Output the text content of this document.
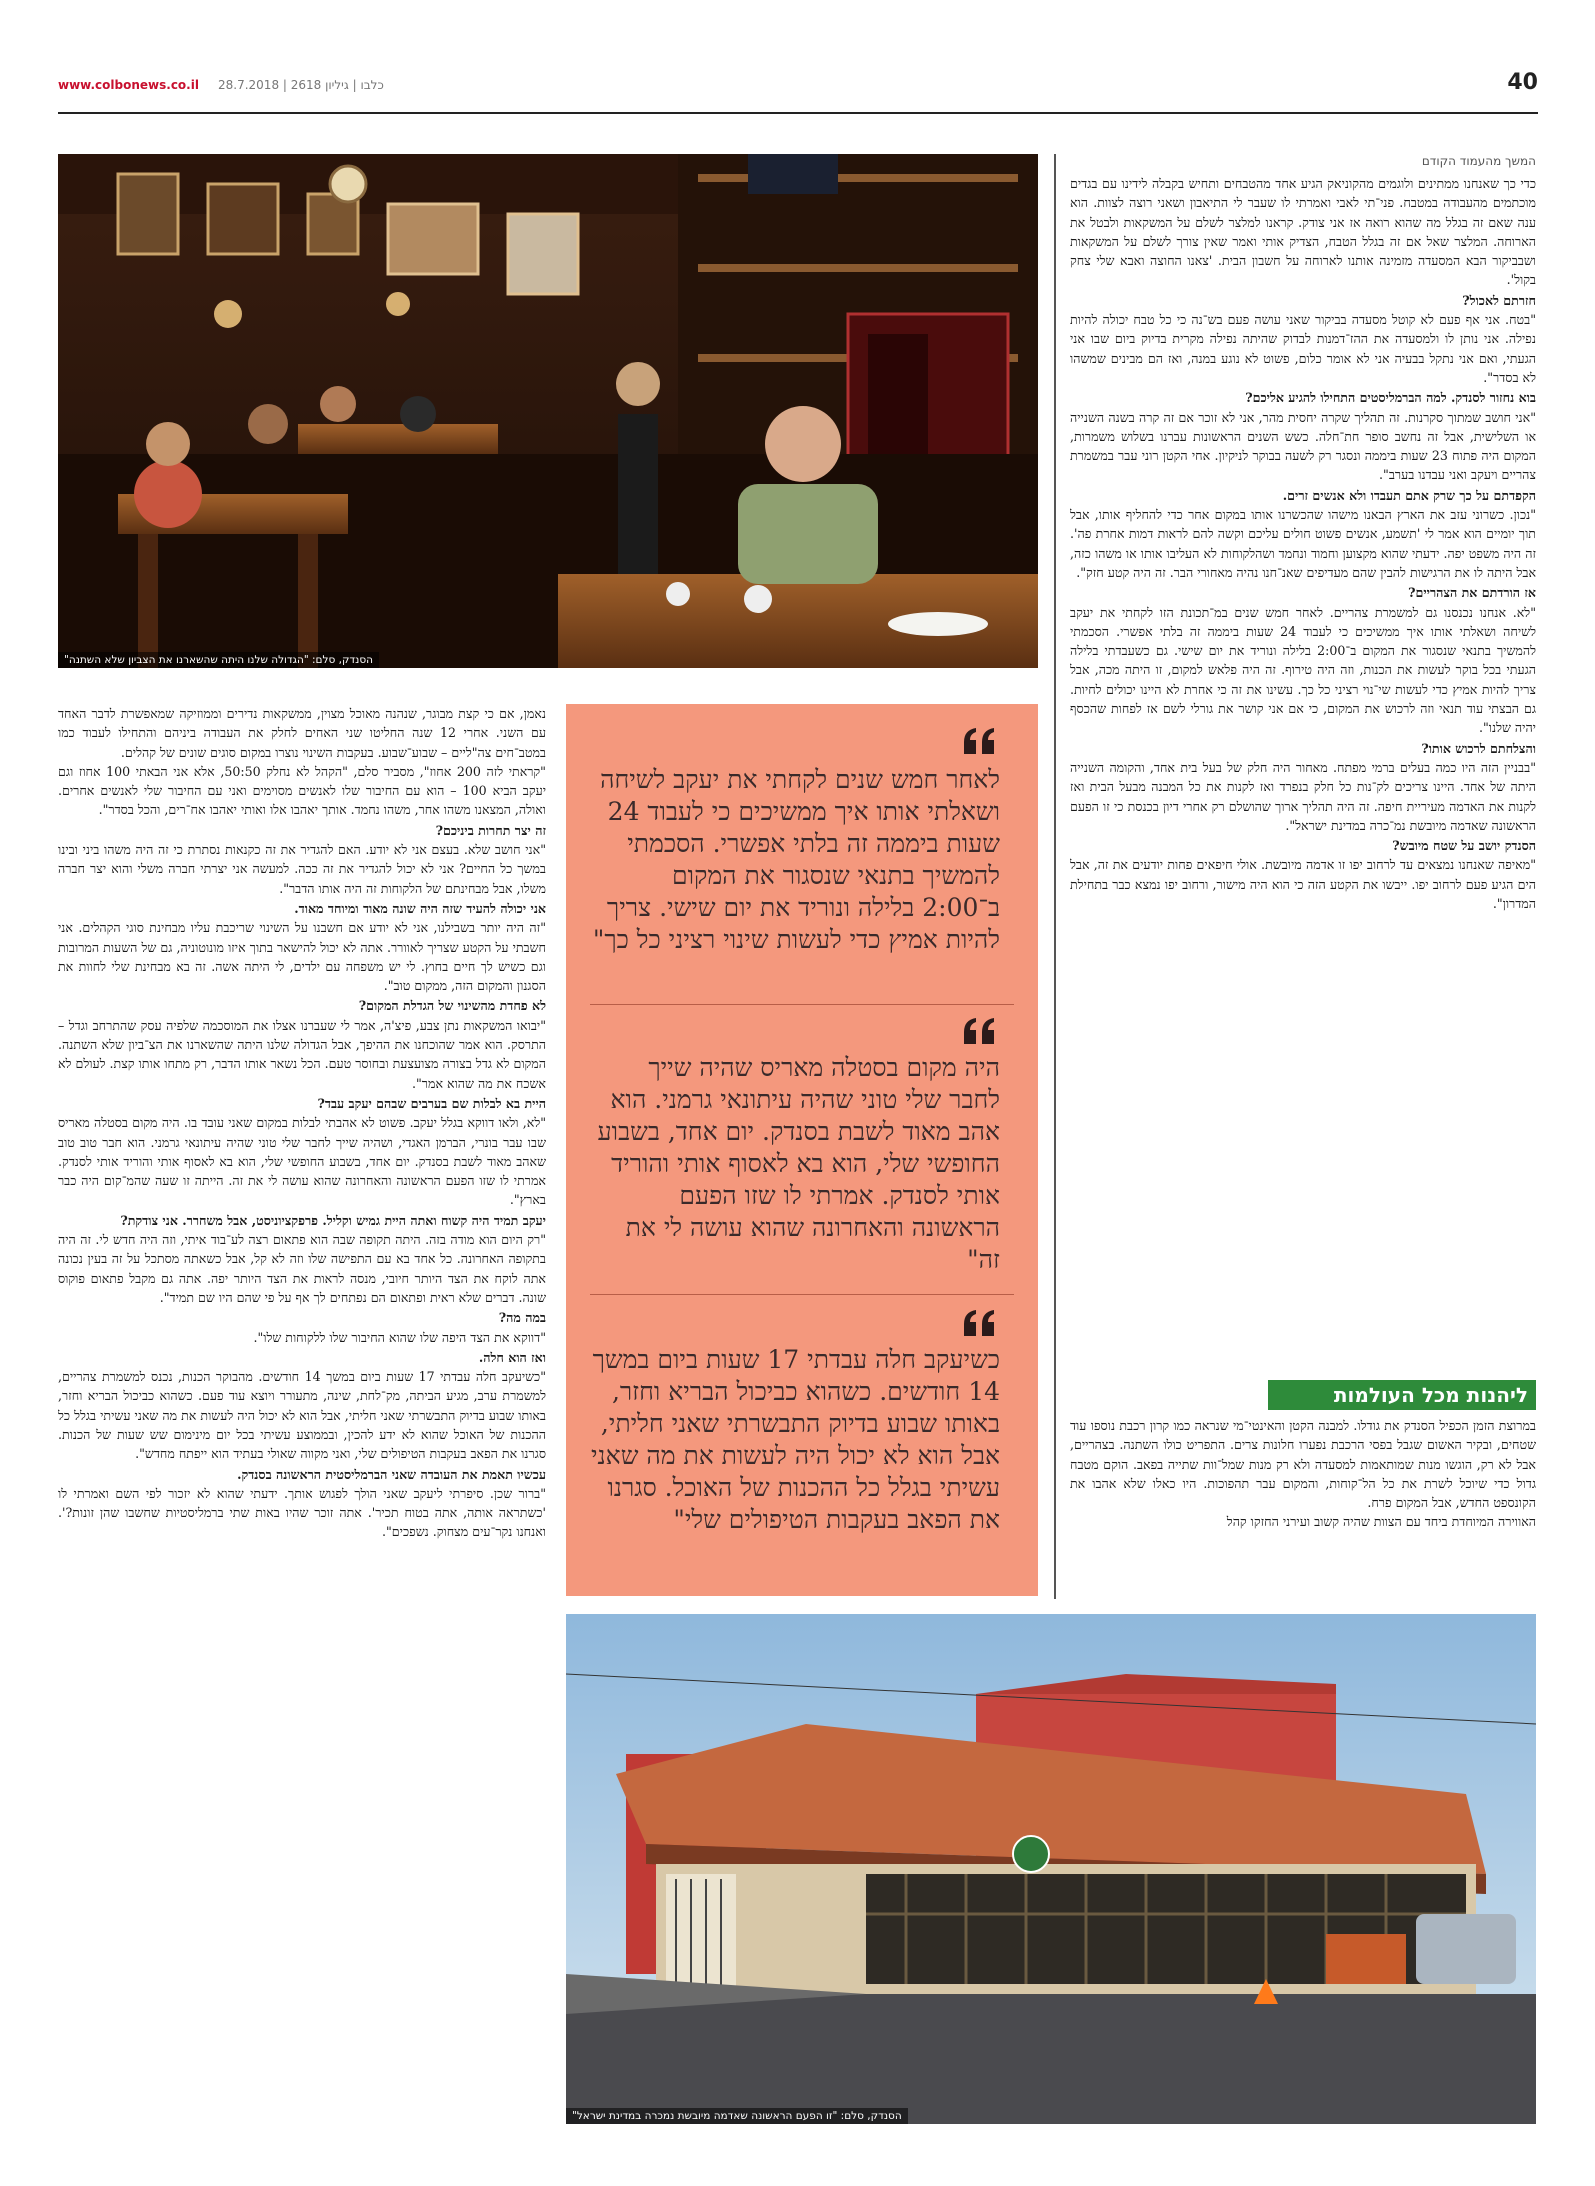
www.colbonews.co.il כלבו | גיליון 2618 | 28.7.2018	40
המשך מהעמוד הקודם
הסנדק, סלם: "הגדולה שלנו היתה שהשארנו את הצביון שלא השתנה"

כדי כך שאנחנו ממתינים ולוגמים מהקוניאק הגיע אחד מהטבחים ותחיש בקבלה לידינו עם בגדים מוכתמים מהעבודה במטבח. פני־תי לאבי ואמרתי לו שעבר לי התיאבון ושאני רוצה לצוות. הוא ענה שאם זה בגלל מה שהוא רואה אז אני צודק. קראנו למלצר לשלם על המשקאות ולבטל את הארוחה. המלצר שאל אם זה בגלל הטבח, הצדיק אותי ואמר שאין צורך לשלם על המשקאות ושבביקור הבא המסעדה מזמינה אותנו לארוחה על חשבון הבית. 'צאנו החוצה ואבא שלי צחק בקול'.

חזרתם לאכול?

"בטח. אני אף פעם לא קוטל מסעדה בביקור שאני עושה פעם בש־נה כי כל טבח יכולה להיות נפילה. אני נותן לו ולמסעדה את ההז־דמנות לבדוק שהיתה נפילה מקרית בדיוק ביום שבו אני הגעתי, ואם אני נתקל בבעיה אני לא אומר כלום, פשוט לא נוגע במנה, ואז הם מבינים שמשהו לא בסדר".

בוא נחזור לסנדק. למה הברמליסטים התחילו להגיע אליכם?

"אני חושב שמתוך סקרנות. זה תהליך שקרה יחסית מהר, אני לא זוכר אם זה קרה בשנה השנייה או השלישית, אבל זה נחשב סופר חת־חלה. כשש השנים הראשונות עברנו בשלוש משמרות, המקום היה פתוח 23 שעות ביממה ונסגר רק לשעה בבוקר לניקיון. אחי הקטן רוני עבר במשמרת צהריים ויעקב ואני עבדנו בערב".

הקפדתם על כך שרק אתם תעבדו ולא אנשים זרים.

"נכון. כשרוני עזב את הארץ הבאנו מישהו שהכשרנו אותו במקום אחר כדי להחליף אותו, אבל תוך יומיים הוא אמר לי 'תשמע, אנשים פשוט חולים עליכם וקשה להם לראות דמות אחרת פה'. זה היה משפט יפה. ידעתי שהוא מקצוען וחמוד ונחמד ושהלקוחות לא העליבו אותו או משהו כזה, אבל היתה לו את הרגישות להבין שהם מעדיפים שאנ־חנו נהיה מאחורי הבר. זה היה קטע חזק".

אז הורדתם את הצהריים?

"לא. אנחנו נכנסנו גם למשמרת צהריים. לאחר חמש שנים במ־תכונת הזו לקחתי את יעקב לשיחה ושאלתי אותו איך ממשיכים כי לעבוד 24 שעות ביממה זה בלתי אפשרי. הסכמתי להמשיך בתנאי שנסגור את המקום ב־2:00 בלילה ונוריד את יום שישי. גם כשעבדתי בלילה הגעתי בכל בוקר לעשות את הכנות, וזה היה טירוף. זה היה פלאש למקום, זו היתה מכה, אבל צריך להיות אמיץ כדי לעשות שי־נוי רציני כל כך. עשינו את זה כי אחרת לא היינו יכולים לחיות. גם הבצתי עוד תנאי וזה לרכוש את המקום, כי אם אני קושר את גורלי לשם אז לפחות שהכסף יהיה שלנו".

והצלחתם לרכוש אותו?

"בבניין הזה היו כמה בעלים ברמי מפתח. מאחור היה חלק של בעל בית אחד, והקומה השנייה היתה של אחד. היינו צריכים לק־נות כל חלק בנפרד ואז לקנות את כל המבנה מבעל הבית ואז לקנות את האדמה מעיריית חיפה. זה היה תהליך ארוך שהושלם רק אחרי דיון בכנסת כי זו הפעם הראשונה שאדמה מיובשת נמ־כרה במדינת ישראל".

הסנדק יושב על שטח מיובש?

"מאיפה שאנחנו נמצאים עד לרחוב יפו זו אדמה מיובשת. אולי חיפאים פחות יודעים את זה, אבל הים הגיע פעם לרחוב יפו. ייבשו את הקטע הזה כי הוא היה מישור, ורחוב יפו נמצא כבר בתחילת המדרון".

ליהנות מכל העולמות

במרוצת הזמן הכפיל הסנדק את גודלו. למבנה הקטן והאינטי־מי שנראה כמו קרון רכבת נוספו עוד שטחים, ובקיר האשום שגבל בפסי הרכבת נפערו חלונות צרים. התפריט כולו השתנה. בצהריים, אבל לא רק, הוגשו מנות שמותאמות למסעדה ולא רק מנות שמל־וות שתייה בפאב. הוקם מטבח גדול כדי שיוכל לשרת את כל הל־קוחות, והמקום עבר תהפוכות. היו כאלו שלא אהבו את הקונספט החדש, אבל המקום פרח.

האווירה המיוחדת ביחד עם הצוות שהיה קשוב ועירני החזקו קהל

נאמן, אם כי קצת מבוגר, שנהנה מאוכל מצוין, ממשקאות נדירים וממוזיקה שמאפשרת לדבר האחד עם השני. אחרי 12 שנה החליטו שני האחים לחלק את העבודה ביניהם והתחילו לעבוד כמו במטב־חים צה"ליים – שבוע־שבוע. בעקבות השינוי נוצרו במקום סוגים שונים של קהלים.

"קראתי לזה 200 אחוז", מסביר סלם, "הקהל לא נחלק 50:50, אלא אני הבאתי 100 אחוז וגם יעקב הביא 100 – הוא עם החיבור שלו לאנשים מסוימים ואני עם החיבור שלי לאנשים אחרים. ואולה, המצאנו משהו אחר, משהו נחמד. אותך יאהבו אלו ואותי יאהבו אח־רים, והכל בסדר".

זה יצר תחרות ביניכם?

"אני חושב שלא. בעצם אני לא יודע. האם להגדיר את זה כקנאות נסתרת כי זה היה משהו ביני ובינו במשך כל החיים? אני לא יכול להגדיר את זה ככה. למעשה אני יצרתי חברה משלי והוא יצר חברה משלו, אבל מבחינתם של הלקוחות זה היה אותו הדבר".

אני יכולה להעיד שזה היה שונה מאוד ומיוחד מאוד.

"זה היה יותר בשבילנו, אני לא יודע אם חשבנו על השינוי שריכבת עליו מבחינת סוגי הקהלים. אני חשבתי על הקטע שצריך לאוורר. אתה לא יכול להישאר בתוך איזו מונוטוניה, גם של השעות המרובות וגם כשיש לך חיים בחוץ. לי יש משפחה עם ילדים, לי היתה אשה. זה בא מבחינת שלי לחוות את הסגנון והמקום הזה, ממקום טוב".

לא פחדת מהשינוי של הגדלת המקום?

"יבואו המשקאות נתן צבע, פיצ'ה, אמר לי שעברנו אצלו את המוסכמה שלפיה עסק שהתרחב וגדל – התרסק. הוא אמר שהוכחנו את ההיפך, אבל הגדולה שלנו היתה שהשארנו את הצ־ביון שלא השתנה. המקום לא גדל בצורה מצועצעת ובחוסר טעם. הכל נשאר אותו הדבר, רק מתחו אותו קצת. לעולם לא אשכח את מה שהוא אמר".

היית בא לבלות שם בערבים שבהם יעקב עבד?

"לא, ולאו דווקא בגלל יעקב. פשוט לא אהבתי לבלות במקום שאני עובד בו. היה מקום בסטלה מאריס שבו עבר בונרי, הברמן האגדי, ושהיה שייך לחבר שלי טוני שהיה עיתונאי גרמני. הוא חבר טוב טוב שאהב מאוד לשבת בסנדק. יום אחד, בשבוע החופשי שלי, הוא בא לאסוף אותי והוריד אותי לסנדק. אמרתי לו שזו הפעם הראשונה והאחרונה שהוא עושה לי את זה. הייתה זו שעה שהמ־קום היה כבר בארץ".

יעקב תמיד היה קשוח ואתה היית גמיש וקליל. פרפקציוניסט, אבל משחרר. אני צודקת?

"רק היום הוא מודה בזה. היתה תקופה שבה הוא פתאום רצה לע־בוד איתי, וזה היה חדש לי. זה היה בתקופה האחרונה. כל אחד בא עם התפישה שלו וזה לא קל, אבל כשאתה מסתכל על זה בעין נכונה אתה לוקח את הצד היותר חיובי, מנסה לראות את הצד היותר יפה. אתה גם מקבל פתאום פוקוס שונה. דברים שלא ראית ופתאום הם נפתחים לך אף על פי שהם היו שם תמיד".

במה מה?

"דווקא את הצד היפה שלו שהוא החיבור שלו ללקוחות שלו".

ואז הוא חלה.

"כשיעקב חלה עבדתי 17 שעות ביום במשך 14 חודשים. מהבוקר הכנות, נכנס למשמרת צהריים, למשמרת ערב, מגיע הביתה, מק־לחת, שינה, מתעורר ויוצא עוד פעם. כשהוא כביכול הבריא וחזר, באותו שבוע בדיוק התבשרתי שאני חליתי, אבל הוא לא יכול היה לעשות את מה שאני עשיתי בגלל כל ההכנות של האוכל שהוא לא ידע להכין, ובממוצע עשיתי בכל יום מינימום שש שעות של הכנות. סגרנו את הפאב בעקבות הטיפולים שלי, ואני מקווה שאולי בעתיד הוא ייפתח מחדש".

עכשיו תאמת את העובדה שאני הברמליסטית הראשונה בסנדק.

"ברור שכן. סיפרתי ליעקב שאני הולך לפגוש אותך. ידעתי שהוא לא יזכור לפי השם ואמרתי לו 'כשתראה אותה, אתה בטוח תכיר'. אתה זוכר שהיו באות שתי ברמליסטיות שחשבו שהן זונות?'. ואנחנו נקר־עים מצחוק. נשפכים".

לאחר חמש שנים לקחתי את יעקב לשיחה ושאלתי אותו איך ממשיכים כי לעבוד 24 שעות ביממה זה בלתי אפשרי. הסכמתי להמשיך בתנאי שנסגור את המקום ב־2:00 בלילה ונוריד את יום שישי. צריך להיות אמיץ כדי לעשות שינוי רציני כל כך"
היה מקום בסטלה מאריס שהיה שייך לחבר שלי טוני שהיה עיתונאי גרמני. הוא אהב מאוד לשבת בסנדק. יום אחד, בשבוע החופשי שלי, הוא בא לאסוף אותי והוריד אותי לסנדק. אמרתי לו שזו הפעם הראשונה והאחרונה שהוא עושה לי את זה"
כשיעקב חלה עבדתי 17 שעות ביום במשך 14 חודשים. כשהוא כביכול הבריא וחזר, באותו שבוע בדיוק התבשרתי שאני חליתי, אבל הוא לא יכול היה לעשות את מה שאני עשיתי בגלל כל ההכנות של האוכל. סגרנו את הפאב בעקבות הטיפולים שלי"
הסנדק, סלם: "זו הפעם הראשונה שאדמה מיובשת נמכרה במדינת ישראל"
